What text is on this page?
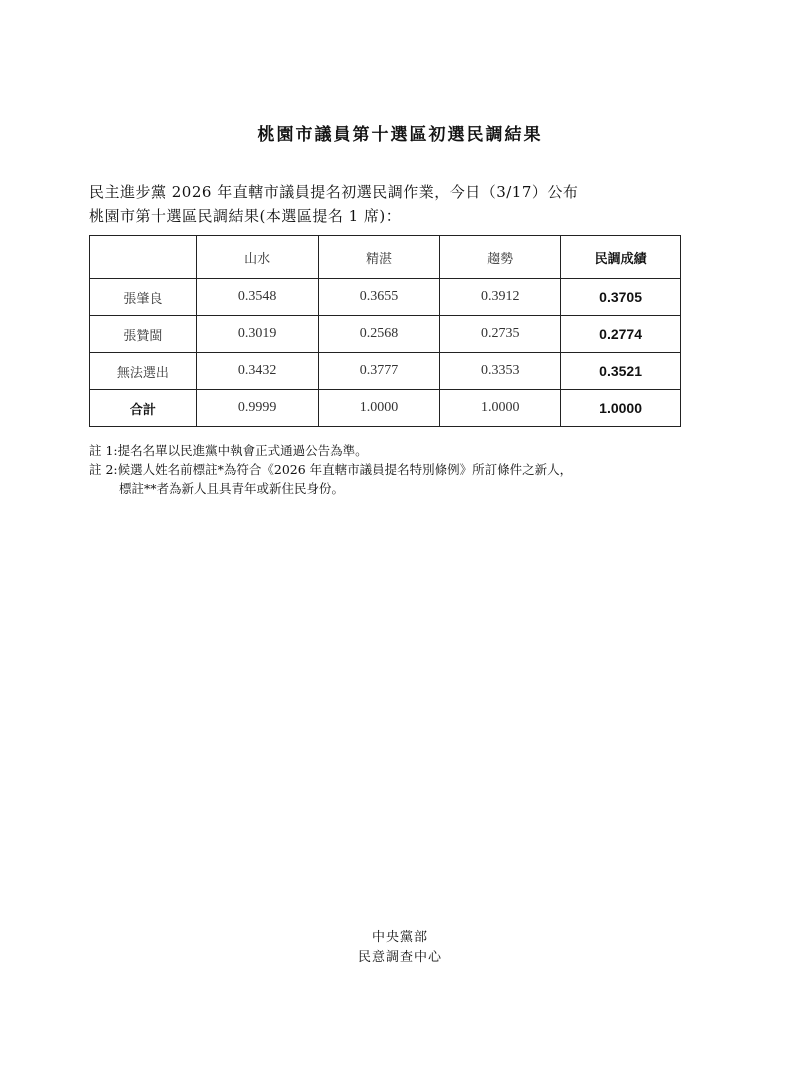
桃園市議員第十選區初選民調結果
民主進步黨 2026 年直轄市議員提名初選民調作業，今日（3/17）公布
桃園市第十選區民調結果(本選區提名 1 席)：
	山水	精湛	趨勢	民調成績
張肇良	0.3548	0.3655	0.3912	0.3705
張贊閩	0.3019	0.2568	0.2735	0.2774
無法選出	0.3432	0.3777	0.3353	0.3521
合計	0.9999	1.0000	1.0000	1.0000
註 1:提名名單以民進黨中執會正式通過公告為準。
註 2:候選人姓名前標註*為符合《2026 年直轄市議員提名特別條例》所訂條件之新人，
標註**者為新人且具青年或新住民身份。
中央黨部
民意調查中心
